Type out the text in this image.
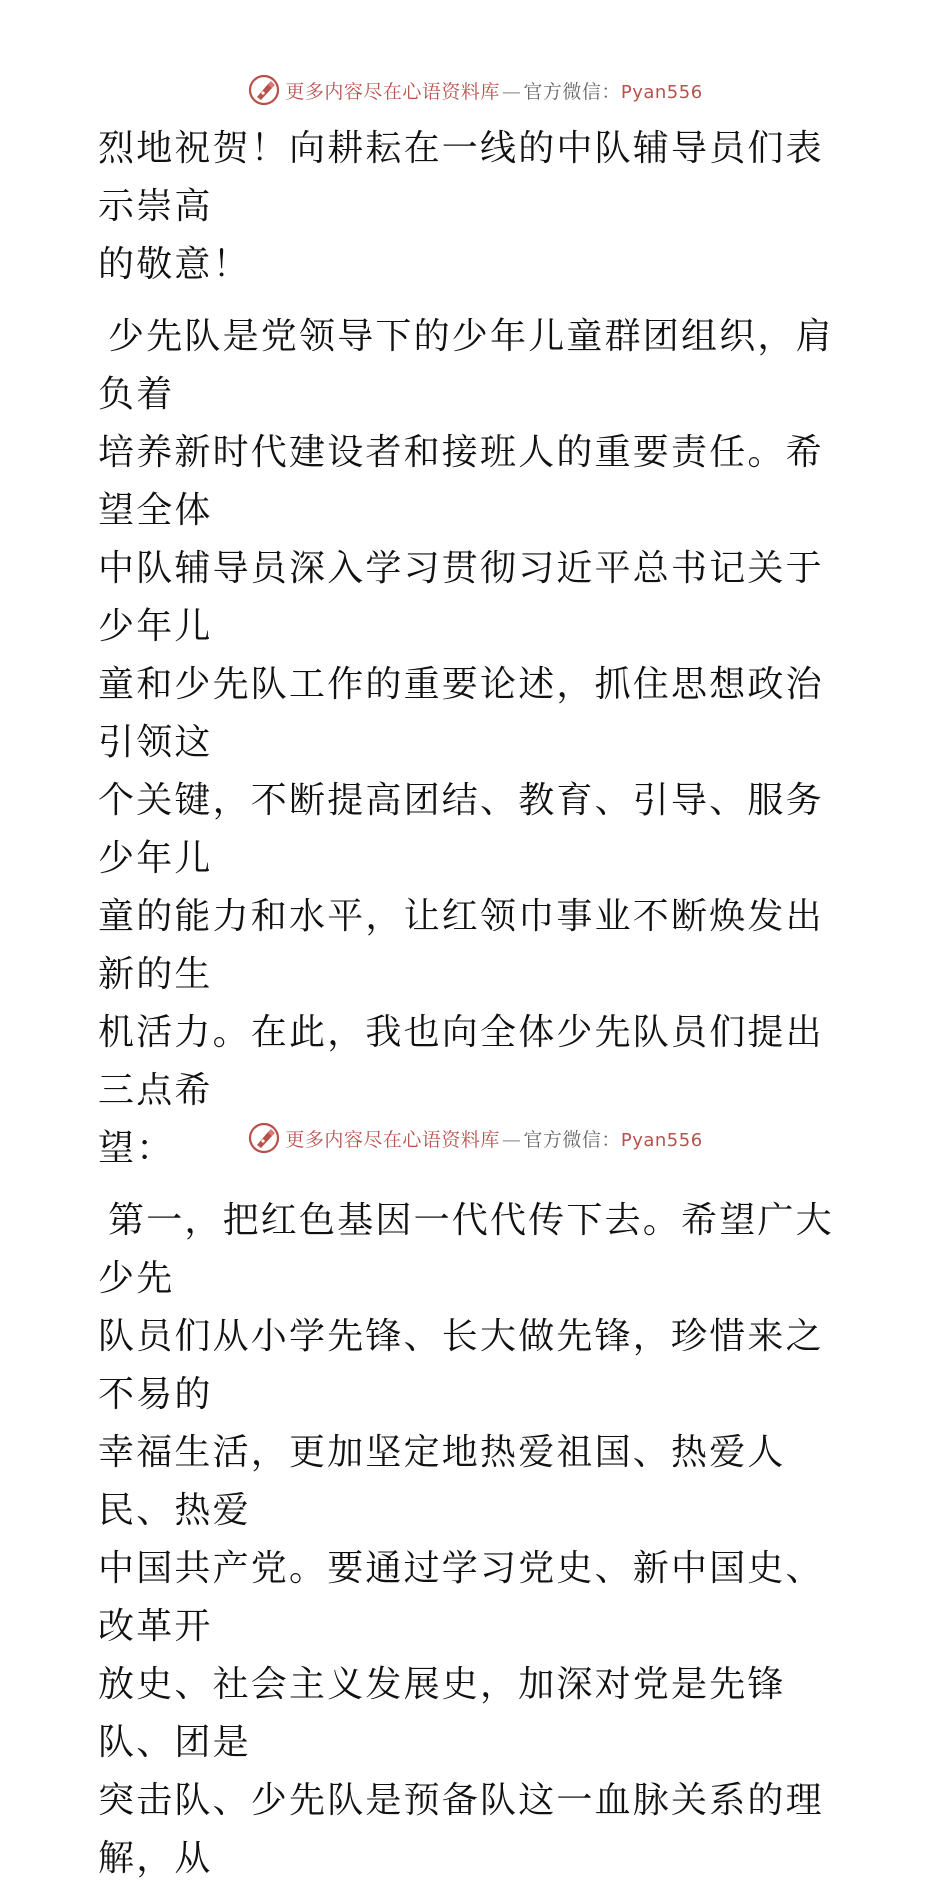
更多内容尽在心语资料库 — 官方微信：Pyan556
烈地祝贺！向耕耘在一线的中队辅导员们表示崇高
的敬意！
少先队是党领导下的少年儿童群团组织，肩负着
培养新时代建设者和接班人的重要责任。希望全体
中队辅导员深入学习贯彻习近平总书记关于少年儿
童和少先队工作的重要论述，抓住思想政治引领这
个关键，不断提高团结、教育、引导、服务少年儿
童的能力和水平，让红领巾事业不断焕发出新的生
机活力。在此，我也向全体少先队员们提出三点希
望：
第一，把红色基因一代代传下去。希望广大少先
队员们从小学先锋、长大做先锋，珍惜来之不易的
幸福生活，更加坚定地热爱祖国、热爱人民、热爱
中国共产党。要通过学习党史、新中国史、改革开
放史、社会主义发展史，加深对党是先锋队、团是
突击队、少先队是预备队这一血脉关系的理解，从
更多内容尽在心语资料库 — 官方微信：Pyan556
